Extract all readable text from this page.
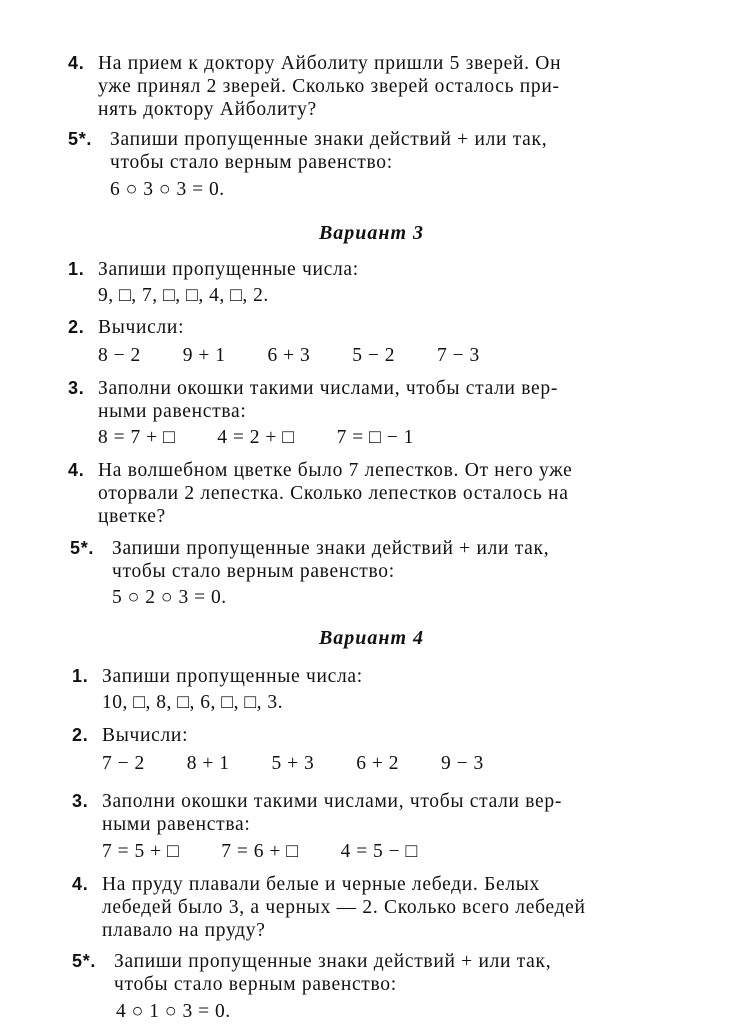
4. На прием к доктору Айболиту пришли 5 зверей. Он
уже принял 2 зверей. Сколько зверей осталось при-
нять доктору Айболиту?
5*. Запиши пропущенные знаки действий + или так,
чтобы стало верным равенство:
6 ○ 3 ○ 3 = 0.
Вариант 3
1. Запиши пропущенные числа:
9, □, 7, □, □, 4, □, 2.
2. Вычисли:
8 − 2 9 + 1 6 + 3 5 − 2 7 − 3
3. Заполни окошки такими числами, чтобы стали вер-
ными равенства:
8 = 7 + □ 4 = 2 + □ 7 = □ − 1
4. На волшебном цветке было 7 лепестков. От него уже
оторвали 2 лепестка. Сколько лепестков осталось на
цветке?
5*. Запиши пропущенные знаки действий + или так,
чтобы стало верным равенство:
5 ○ 2 ○ 3 = 0.
Вариант 4
1. Запиши пропущенные числа:
10, □, 8, □, 6, □, □, 3.
2. Вычисли:
7 − 2 8 + 1 5 + 3 6 + 2 9 − 3
3. Заполни окошки такими числами, чтобы стали вер-
ными равенства:
7 = 5 + □ 7 = 6 + □ 4 = 5 − □
4. На пруду плавали белые и черные лебеди. Белых
лебедей было 3, а черных — 2. Сколько всего лебедей
плавало на пруду?
5*. Запиши пропущенные знаки действий + или так,
чтобы стало верным равенство:
4 ○ 1 ○ 3 = 0.
